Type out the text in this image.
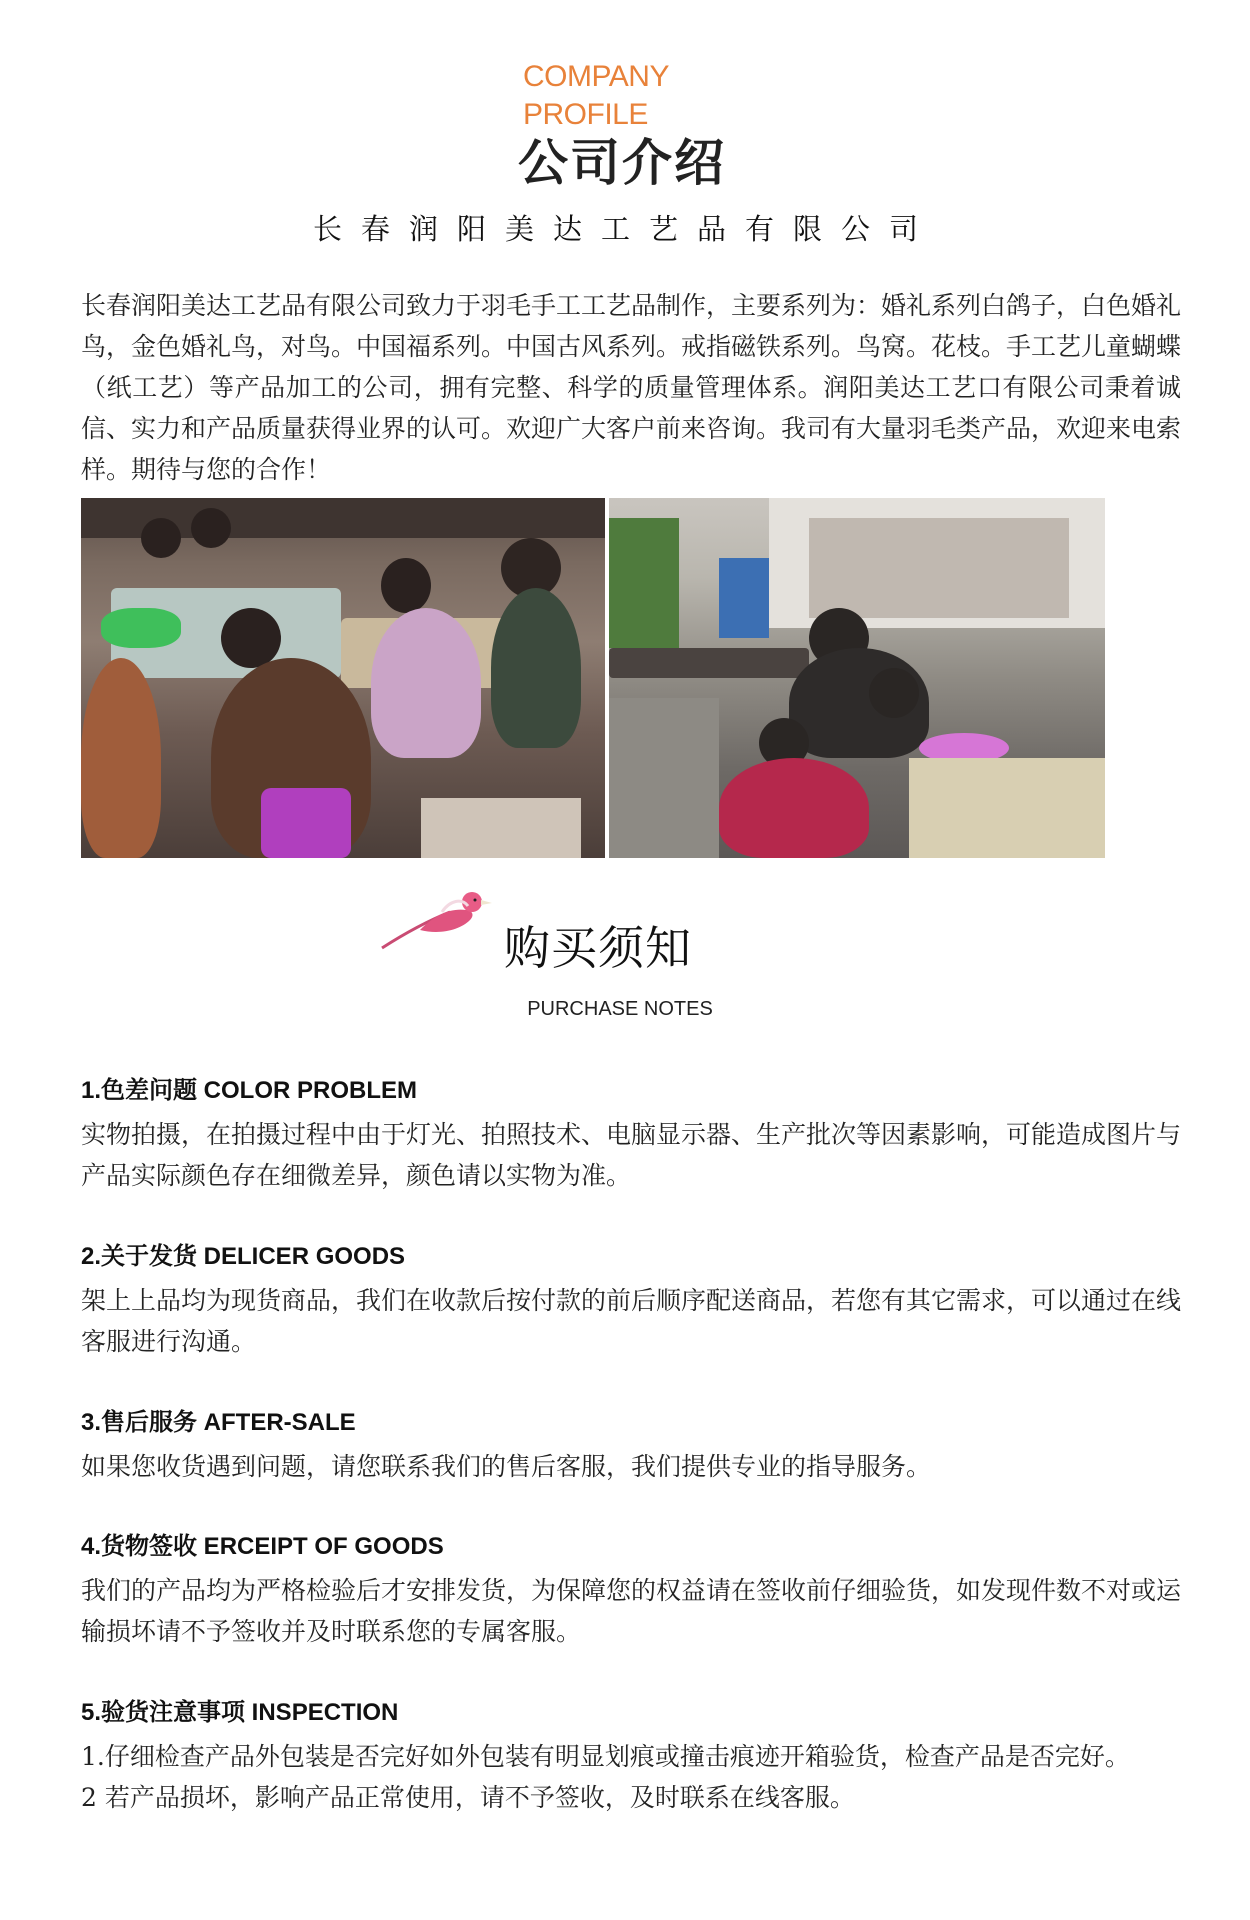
COMPANY
PROFILE
公司介绍
长春润阳美达工艺品有限公司
长春润阳美达工艺品有限公司致力于羽毛手工工艺品制作，主要系列为：婚礼系列白鸽子，白色婚礼鸟，金色婚礼鸟，对鸟。中国福系列。中国古风系列。戒指磁铁系列。鸟窝。花枝。手工艺儿童蝴蝶（纸工艺）等产品加工的公司，拥有完整、科学的质量管理体系。润阳美达工艺口有限公司秉着诚信、实力和产品质量获得业界的认可。欢迎广大客户前来咨询。我司有大量羽毛类产品，欢迎来电索样。期待与您的合作！
购买须知
PURCHASE NOTES
1.色差问题 COLOR PROBLEM
实物拍摄，在拍摄过程中由于灯光、拍照技术、电脑显示器、生产批次等因素影响，可能造成图片与产品实际颜色存在细微差异，颜色请以实物为准。
2.关于发货 DELICER GOODS
架上上品均为现货商品，我们在收款后按付款的前后顺序配送商品，若您有其它需求，可以通过在线客服进行沟通。
3.售后服务 AFTER-SALE
如果您收货遇到问题，请您联系我们的售后客服，我们提供专业的指导服务。
4.货物签收 ERCEIPT OF GOODS
我们的产品均为严格检验后才安排发货，为保障您的权益请在签收前仔细验货，如发现件数不对或运输损坏请不予签收并及时联系您的专属客服。
5.验货注意事项 INSPECTION
1.仔细检查产品外包装是否完好如外包装有明显划痕或撞击痕迹开箱验货，检查产品是否完好。
2 若产品损坏，影响产品正常使用，请不予签收，及时联系在线客服。
